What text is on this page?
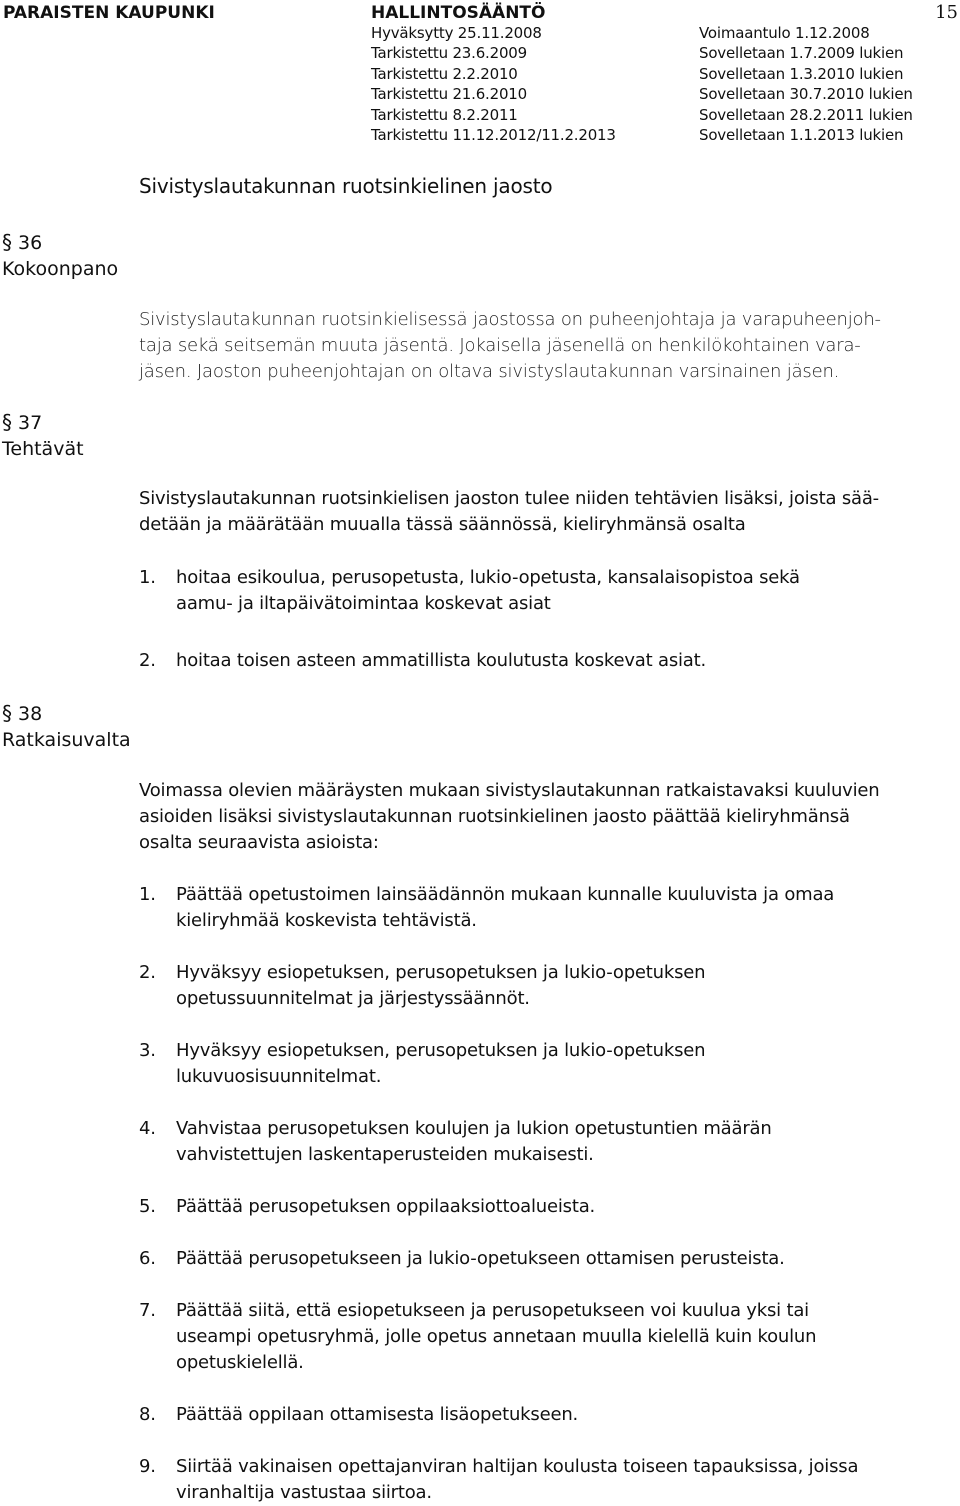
PARAISTEN KAUPUNKI	HALLINTOSÄÄNTÖ	15
Hyväksytty 25.11.2008
Tarkistettu 23.6.2009
Tarkistettu 2.2.2010
Tarkistettu 21.6.2010
Tarkistettu 8.2.2011
Tarkistettu 11.12.2012/11.2.2013
Voimaantulo 1.12.2008
Sovelletaan 1.7.2009 lukien
Sovelletaan 1.3.2010 lukien
Sovelletaan 30.7.2010 lukien
Sovelletaan 28.2.2011 lukien
Sovelletaan 1.1.2013 lukien
Sivistyslautakunnan ruotsinkielinen jaosto
§ 36
Kokoonpano
Sivistyslautakunnan ruotsinkielisessä jaostossa on puheenjohtaja ja varapuheenjoh-
taja sekä seitsemän muuta jäsentä. Jokaisella jäsenellä on henkilökohtainen vara-
jäsen. Jaoston puheenjohtajan on oltava sivistyslautakunnan varsinainen jäsen.
§ 37
Tehtävät
Sivistyslautakunnan ruotsinkielisen jaoston tulee niiden tehtävien lisäksi, joista sää-
detään ja määrätään muualla tässä säännössä, kieliryhmänsä osalta
1. hoitaa esikoulua, perusopetusta, lukio-opetusta, kansalaisopistoa sekä
aamu- ja iltapäivätoimintaa koskevat asiat
2. hoitaa toisen asteen ammatillista koulutusta koskevat asiat.
§ 38
Ratkaisuvalta
Voimassa olevien määräysten mukaan sivistyslautakunnan ratkaistavaksi kuuluvien
asioiden lisäksi sivistyslautakunnan ruotsinkielinen jaosto päättää kieliryhmänsä
osalta seuraavista asioista:
1. Päättää opetustoimen lainsäädännön mukaan kunnalle kuuluvista ja omaa
kieliryhmää koskevista tehtävistä.
2. Hyväksyy esiopetuksen, perusopetuksen ja lukio-opetuksen
opetussuunnitelmat ja järjestyssäännöt.
3. Hyväksyy esiopetuksen, perusopetuksen ja lukio-opetuksen
lukuvuosisuunnitelmat.
4. Vahvistaa perusopetuksen koulujen ja lukion opetustuntien määrän
vahvistettujen laskentaperusteiden mukaisesti.
5. Päättää perusopetuksen oppilaaksiottoalueista.
6. Päättää perusopetukseen ja lukio-opetukseen ottamisen perusteista.
7. Päättää siitä, että esiopetukseen ja perusopetukseen voi kuulua yksi tai
useampi opetusryhmä, jolle opetus annetaan muulla kielellä kuin koulun
opetuskielellä.
8. Päättää oppilaan ottamisesta lisäopetukseen.
9. Siirtää vakinaisen opettajanviran haltijan koulusta toiseen tapauksissa, joissa
viranhaltija vastustaa siirtoa.
